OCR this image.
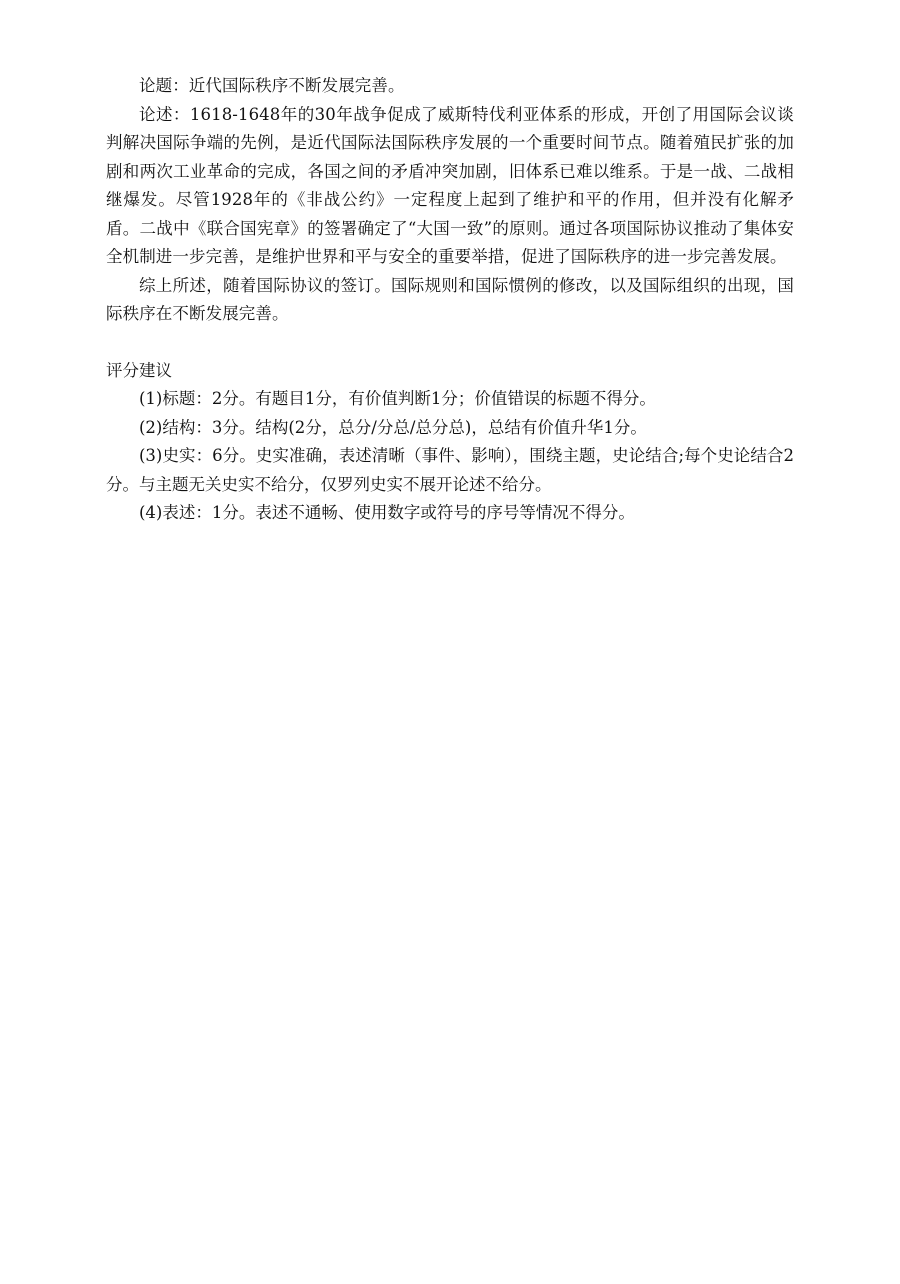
论题：近代国际秩序不断发展完善。

论述：1618-1648年的30年战争促成了威斯特伐利亚体系的形成，开创了用国际会议谈判解决国际争端的先例，是近代国际法国际秩序发展的一个重要时间节点。随着殖民扩张的加剧和两次工业革命的完成，各国之间的矛盾冲突加剧，旧体系已难以维系。于是一战、二战相继爆发。尽管1928年的《非战公约》一定程度上起到了维护和平的作用，但并没有化解矛盾。二战中《联合国宪章》的签署确定了“大国一致”的原则。通过各项国际协议推动了集体安全机制进一步完善，是维护世界和平与安全的重要举措，促进了国际秩序的进一步完善发展。

综上所述，随着国际协议的签订。国际规则和国际惯例的修改，以及国际组织的出现，国际秩序在不断发展完善。

评分建议

(1)标题：2分。有题目1分，有价值判断1分；价值错误的标题不得分。

(2)结构：3分。结构(2分，总分/分总/总分总)，总结有价值升华1分。

(3)史实：6分。史实准确，表述清晰（事件、影响），围绕主题，史论结合;每个史论结合2分。与主题无关史实不给分，仅罗列史实不展开论述不给分。

(4)表述：1分。表述不通畅、使用数字或符号的序号等情况不得分。
